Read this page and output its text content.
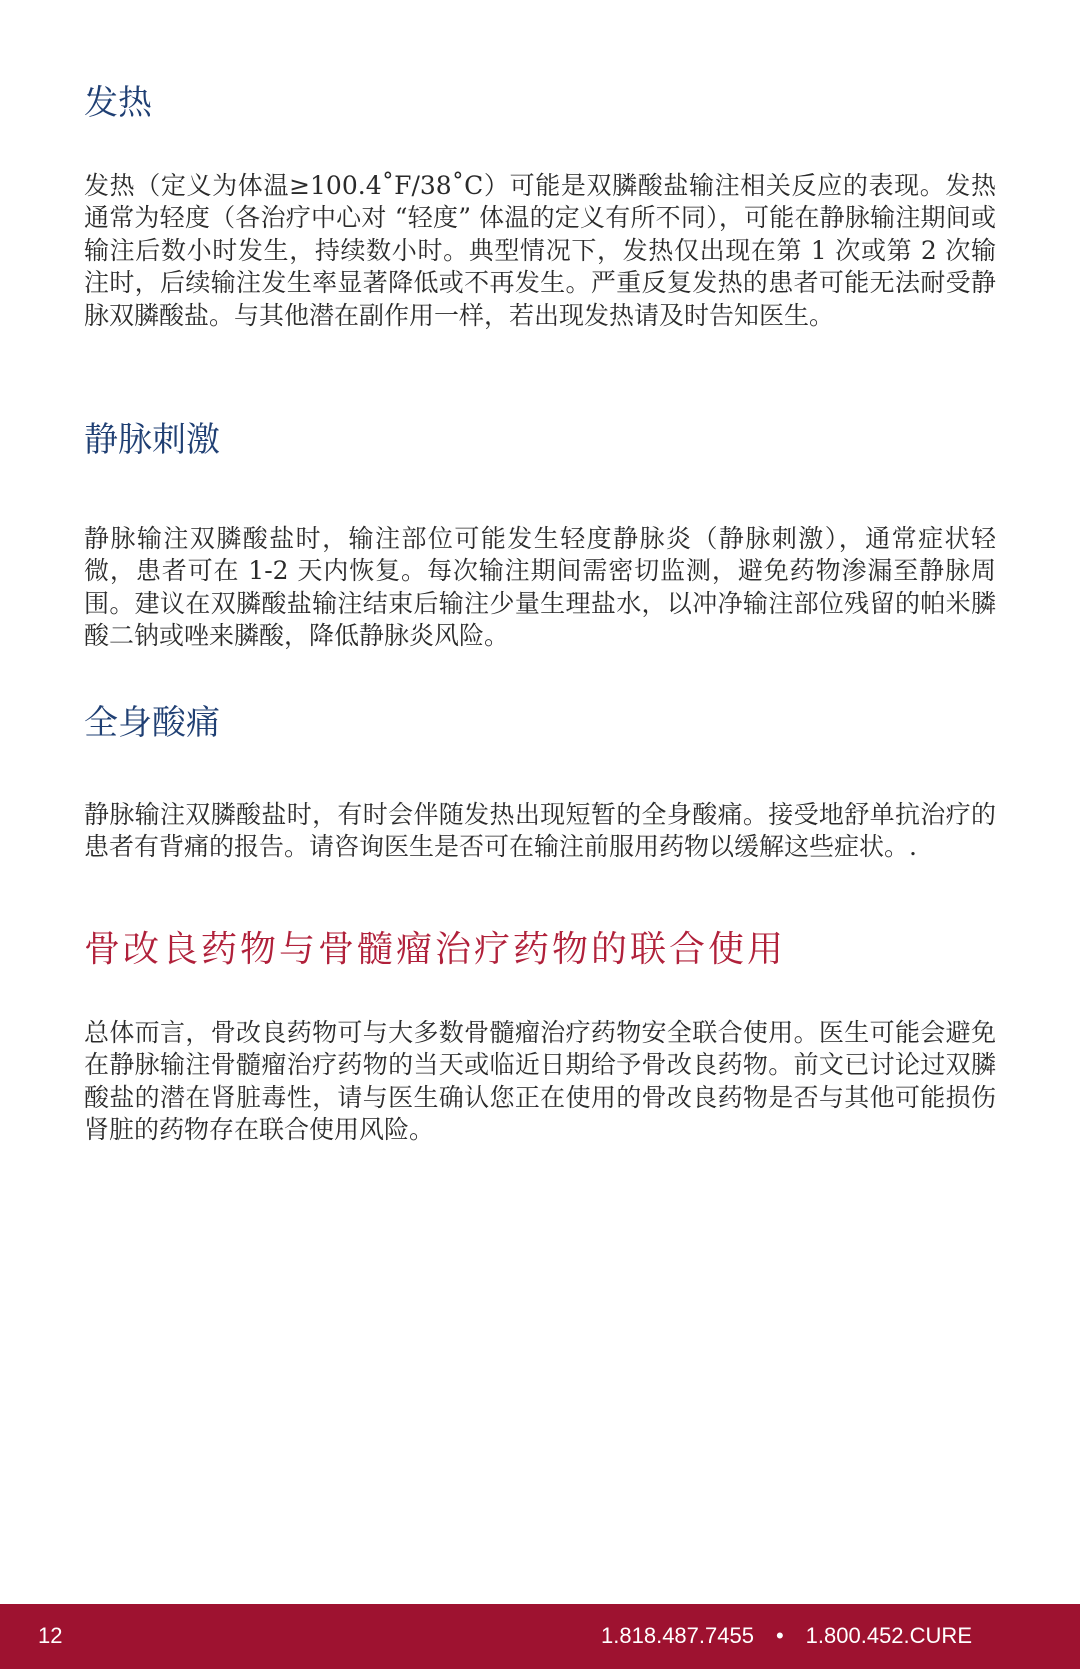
发热

发热（定义为体温≥100.4˚F/38˚C）可能是双膦酸盐输注相关反应的表现。发热通常为轻度（各治疗中心对 “轻度” 体温的定义有所不同），可能在静脉输注期间或输注后数小时发生，持续数小时。典型情况下，发热仅出现在第 1 次或第 2 次输注时，后续输注发生率显著降低或不再发生。严重反复发热的患者可能无法耐受静脉双膦酸盐。与其他潜在副作用一样，若出现发热请及时告知医生。

静脉刺激

静脉输注双膦酸盐时，输注部位可能发生轻度静脉炎（静脉刺激），通常症状轻微，患者可在 1-2 天内恢复。每次输注期间需密切监测，避免药物渗漏至静脉周围。建议在双膦酸盐输注结束后输注少量生理盐水，以冲净输注部位残留的帕米膦酸二钠或唑来膦酸，降低静脉炎风险。

全身酸痛

静脉输注双膦酸盐时，有时会伴随发热出现短暂的全身酸痛。接受地舒单抗治疗的患者有背痛的报告。请咨询医生是否可在输注前服用药物以缓解这些症状。.

骨改良药物与骨髓瘤治疗药物的联合使用

总体而言，骨改良药物可与大多数骨髓瘤治疗药物安全联合使用。医生可能会避免在静脉输注骨髓瘤治疗药物的当天或临近日期给予骨改良药物。前文已讨论过双膦酸盐的潜在肾脏毒性，请与医生确认您正在使用的骨改良药物是否与其他可能损伤肾脏的药物存在联合使用风险。

12	1.818.487.7455 • 1.800.452.CURE
